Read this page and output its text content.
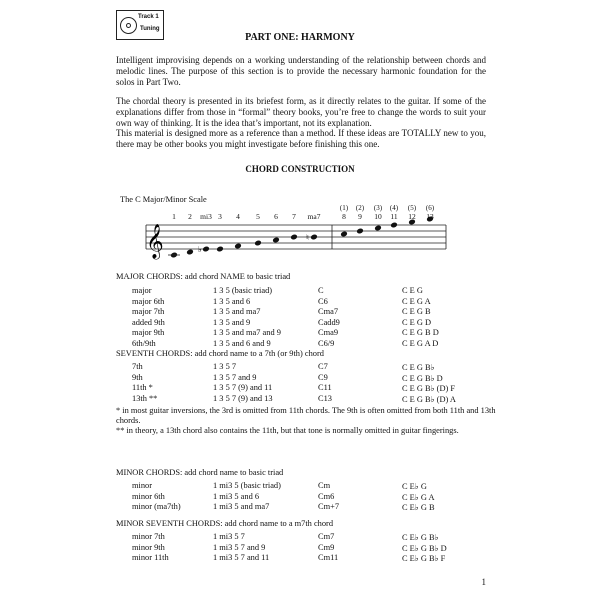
Track 1
Tuning
PART ONE: HARMONY
Intelligent improvising depends on a working understanding of the relationship between chords and melodic lines. The purpose of this section is to provide the necessary harmonic foundation for the solos in Part Two.
The chordal theory is presented in its briefest form, as it directly relates to the guitar. If some of the explanations differ from those in “formal” theory books, you’re free to change the words to suit your own way of thinking. It is the idea that’s important, not its explanation.
This material is designed more as a reference than a method. If these ideas are TOTALLY new to you, there may be other books you might investigate before finishing this one.
CHORD CONSTRUCTION
The C Major/Minor Scale
𝄞	♭
♮
1 2 mi3 3 4 5 6 7 ma7	8 9 10 11 12 13
(1) (2) (3) (4) (5) (6)
MAJOR CHORDS: add chord NAME to basic triad
major	1 3 5 (basic triad)	C	C E G
major 6th	1 3 5 and 6	C6	C E G A
major 7th	1 3 5 and ma7	Cma7	C E G B
added 9th	1 3 5 and 9	Cadd9	C E G D
major 9th	1 3 5 and ma7 and 9	Cma9	C E G B D
6th/9th	1 3 5 and 6 and 9	C6/9	C E G A D
SEVENTH CHORDS: add chord name to a 7th (or 9th) chord
7th	1 3 5 7	C7	C E G B♭
9th	1 3 5 7 and 9	C9	C E G B♭ D
11th *	1 3 5 7 (9) and 11	C11	C E G B♭ (D) F
13th **	1 3 5 7 (9) and 13	C13	C E G B♭ (D) A
* in most guitar inversions, the 3rd is omitted from 11th chords. The 9th is often omitted from both 11th and 13th chords.
** in theory, a 13th chord also contains the 11th, but that tone is normally omitted in guitar fingerings.
MINOR CHORDS: add chord name to basic triad
minor	1 mi3 5 (basic triad)	Cm	C E♭ G
minor 6th	1 mi3 5 and 6	Cm6	C E♭ G A
minor (ma7th)	1 mi3 5 and ma7	Cm+7	C E♭ G B
MINOR SEVENTH CHORDS: add chord name to a m7th chord
minor 7th	1 mi3 5 7	Cm7	C E♭ G B♭
minor 9th	1 mi3 5 7 and 9	Cm9	C E♭ G B♭ D
minor 11th	1 mi3 5 7 and 11	Cm11	C E♭ G B♭ F
1
